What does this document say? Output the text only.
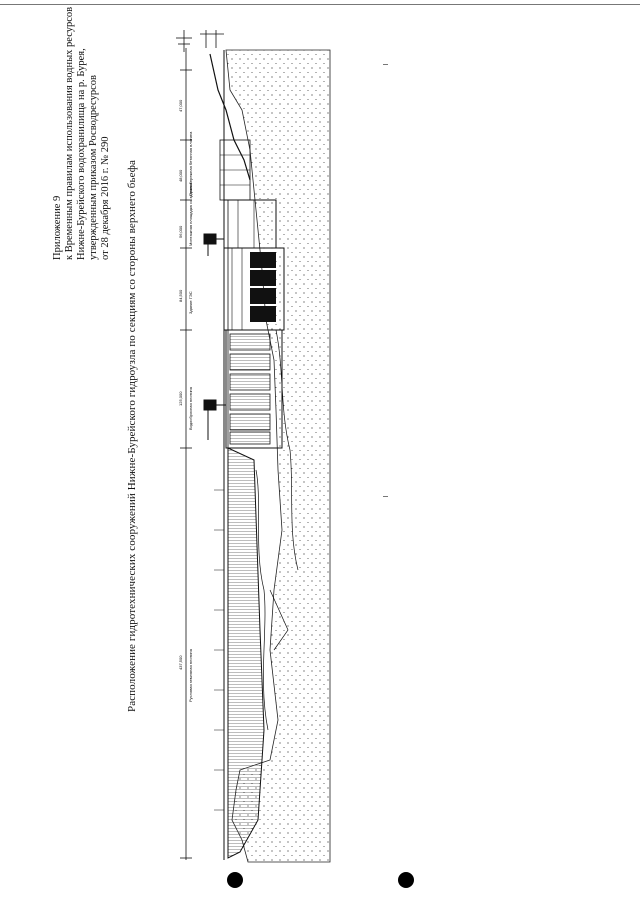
Приложение 9 к Временным правилам использования водных ресурсов Нижне-Бурейского водохранилища на р. Бурея, утвержденным приказом Росводресурсов от 28 декабря 2016 г. № 290 Расположение гидротехнических сооружений Нижне-Бурейского гидроузла по секциям со стороны верхнего бьефа
47,000
48,000
56,000
84,500
125,000
437,500
Правобережная бетонная плотина
Монтажная площадка со зданием
Здание ГЭС
Водосбросная плотина
Русловая земляная плотина
